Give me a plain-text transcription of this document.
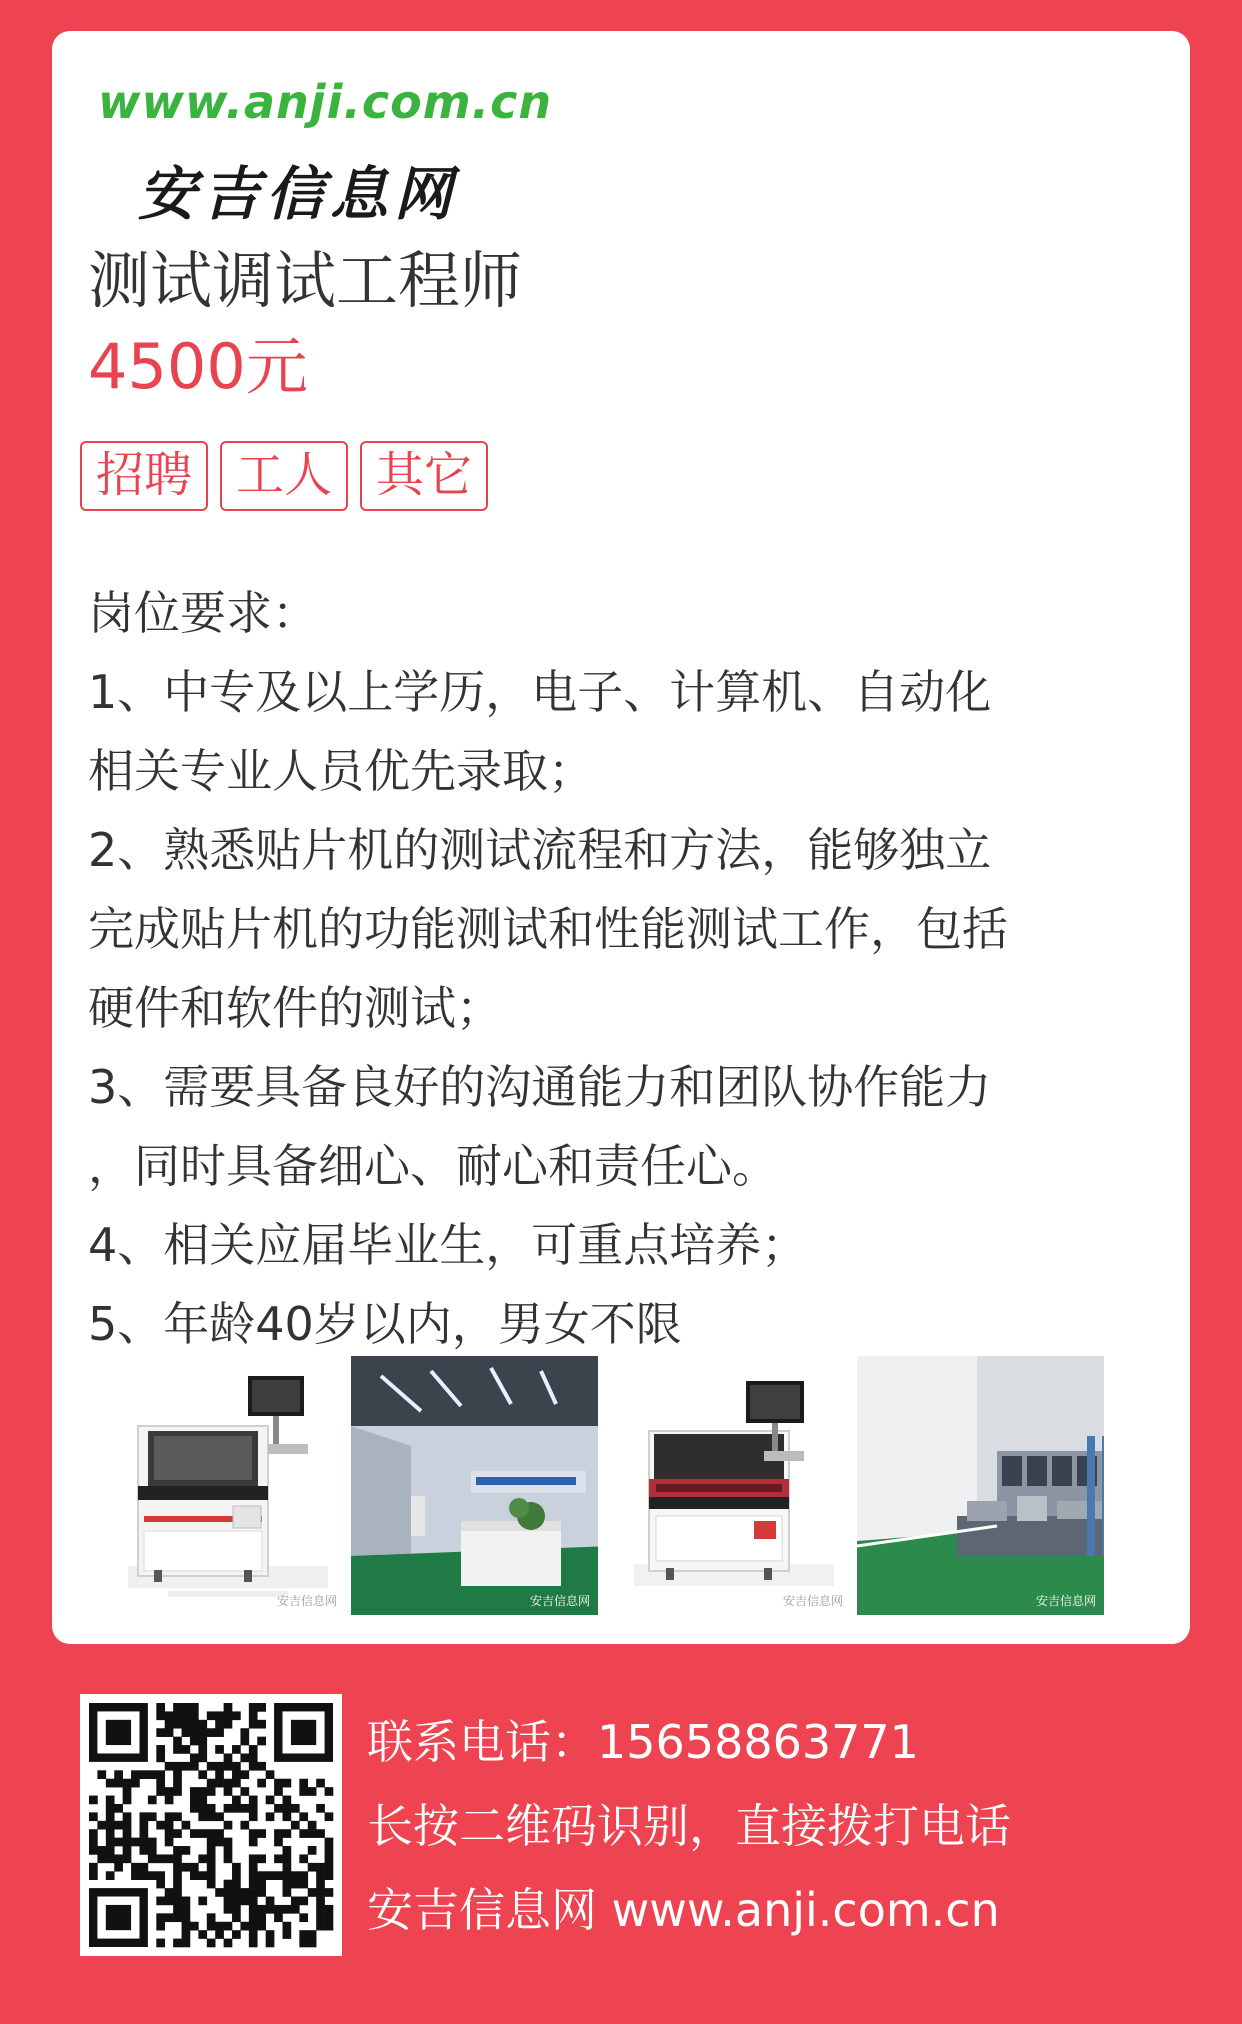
www.anji.com.cn
安吉信息网
测试调试工程师
4500元
招聘 工人 其它
岗位要求：
1、中专及以上学历，电子、计算机、自动化
相关专业人员优先录取；
2、熟悉贴片机的测试流程和方法，能够独立
完成贴片机的功能测试和性能测试工作，包括
硬件和软件的测试；
3、需要具备良好的沟通能力和团队协作能力
，同时具备细心、耐心和责任心。
4、相关应届毕业生，可重点培养；
5、年龄40岁以内，男女不限
安吉信息网	安吉信息网	安吉信息网	安吉信息网
联系电话：15658863771
长按二维码识别，直接拨打电话
安吉信息网 www.anji.com.cn
